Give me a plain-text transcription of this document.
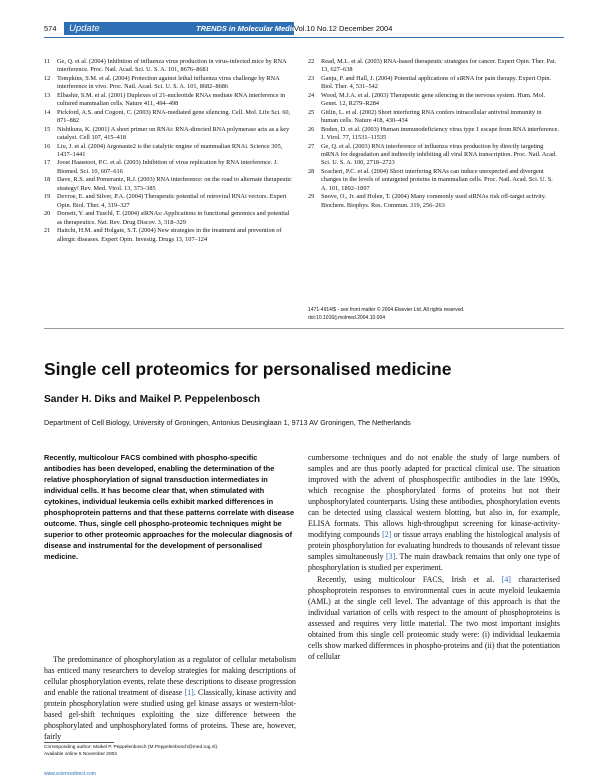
574 Update	TRENDS in Molecular Medicine
Vol.10 No.12 December 2004
11 Ge, Q. et al. (2004) Inhibition of influenza virus production in virus-infected mice by RNA interference. Proc. Natl. Acad. Sci. U. S. A. 101, 8676–8681
12 Tompkins, S.M. et al. (2004) Protection against lethal influenza virus challenge by RNA interference in vivo. Proc. Natl. Acad. Sci. U. S. A. 101, 8682–8686
13 Elbashir, S.M. et al. (2001) Duplexes of 21-nucleotide RNAs mediate RNA interference in cultured mammalian cells. Nature 411, 494–498
14 Pickford, A.S. and Cogoni, C. (2003) RNA-mediated gene silencing. Cell. Mol. Life Sci. 60, 871–882
15 Nishikura, K. (2001) A short primer on RNAi: RNA-directed RNA polymerase acts as a key catalyst. Cell 107, 415–418
16 Liu, J. et al. (2004) Argonaute2 is the catalytic engine of mammalian RNAi. Science 305, 1437–1441
17 Joost Haasnoot, P.C. et al. (2003) Inhibition of virus replication by RNA interference. J. Biomed. Sci. 10, 607–616
18 Dave, R.S. and Pomerantz, R.J. (2003) RNA interference: on the road to alternate therapeutic strategy! Rev. Med. Virol. 13, 373–385
19 Devroe, E. and Silver, P.A. (2004) Therapeutic potential of retroviral RNAi vectors. Expert Opin. Biol. Ther. 4, 319–327
20 Dorsett, Y. and Tuschl, T. (2004) siRNAs: Applications in functional genomics and potential as therapeutics. Nat. Rev. Drug Discov. 3, 318–329
21 Haitchi, H.M. and Holgate, S.T. (2004) New strategies in the treatment and prevention of allergic diseases. Expert Opin. Investig. Drugs 13, 107–124
22 Read, M.L. et al. (2003) RNA-based therapeutic strategies for cancer. Expert Opin. Ther. Pat. 13, 627–638
23 Ganju, P. and Hall, J. (2004) Potential applications of siRNA for pain therapy. Expert Opin. Biol. Ther. 4, 531–542
24 Wood, M.J.A. et al. (2003) Therapeutic gene silencing in the nervous system. Hum. Mol. Genet. 12, R279–R284
25 Gitlin, L. et al. (2002) Short interfering RNA confers intracellular antiviral immunity in human cells. Nature 418, 430–434
26 Boden, D. et al. (2003) Human immunodeficiency virus type 1 escape from RNA interference. J. Virol. 77, 11531–11535
27 Ge, Q. et al. (2003) RNA interference of influenza virus production by directly targeting mRNA for degradation and indirectly inhibiting all viral RNA transcription. Proc. Natl. Acad. Sci. U. S. A. 100, 2718–2723
28 Scacheri, P.C. et al. (2004) Short interfering RNAs can induce unexpected and divergent changes in the levels of untargeted proteins in mammalian cells. Proc. Natl. Acad. Sci. U. S. A. 101, 1892–1897
29 Snove, O., Jr. and Holen, T. (2004) Many commonly used siRNAs risk off-target activity. Biochem. Biophys. Res. Commun. 319, 256–263
1471-4914/$ - see front matter © 2004 Elsevier Ltd. All rights reserved.
doi:10.1016/j.molmed.2004.10.004
Single cell proteomics for personalised medicine
Sander H. Diks and Maikel P. Peppelenbosch
Department of Cell Biology, University of Groningen, Antonius Deusinglaan 1, 9713 AV Groningen, The Netherlands
Recently, multicolour FACS combined with phospho-specific antibodies has been developed, enabling the determination of the relative phosphorylation of signal transduction intermediates in individual cells. It has become clear that, when stimulated with cytokines, individual leukemia cells exhibit marked differences in phosphoprotein patterns and that these patterns correlate with disease outcome. Thus, single cell phospho-proteomic techniques might be superior to other proteomic approaches for the molecular diagnosis of disease and instrumental for the development of personalised medicine.
The predominance of phosphorylation as a regulator of cellular metabolism has enticed many researchers to develop strategies for making descriptions of cellular phosphorylation events, relate these descriptions to disease progression and enable the rational treatment of disease [1]. Classically, kinase activity and protein phosphorylation were studied using gel kinase assays or western-blot-based gel-shift techniques exploiting the size difference between the phosphorylated and unphosphorylated forms of proteins. These are, however, fairly

cumbersome techniques and do not enable the study of large numbers of samples and are thus poorly adapted for practical clinical use. The situation improved with the advent of phosphospecific antibodies in the late 1990s, which recognise the phosphorylated forms of proteins but not their unphosphorylated counterparts. Using these antibodies, phosphorylation events can be detected using classical western blotting, but also in, for example, ELISA formats. This allows high-throughput screening for kinase-activity-modifying compounds [2] or tissue arrays enabling the histological analysis of protein phosphorylation for evaluating hundreds to thousands of relevant tissue samples simultaneously [3]. The main drawback remains that only one type of phosphorylation is studied per experiment.

Recently, using multicolour FACS, Irish et al. [4] characterised phosphoprotein responses to environmental cues in acute myeloid leukaemia (AML) at the single cell level. The advantage of this approach is that the individual variation of cells with respect to the amount of phosphoproteins is assessed and requires very little material. The two most important insights obtained from this single cell proteomic study were: (i) individual leukaemia cells show marked differences in phospho-proteins and (ii) that the potentiation of cellular

Corresponding author: Maikel P. Peppelenbosch (M.Peppelenbosch@med.rug.nl).
Available online 5 November 2004
www.sciencedirect.com
